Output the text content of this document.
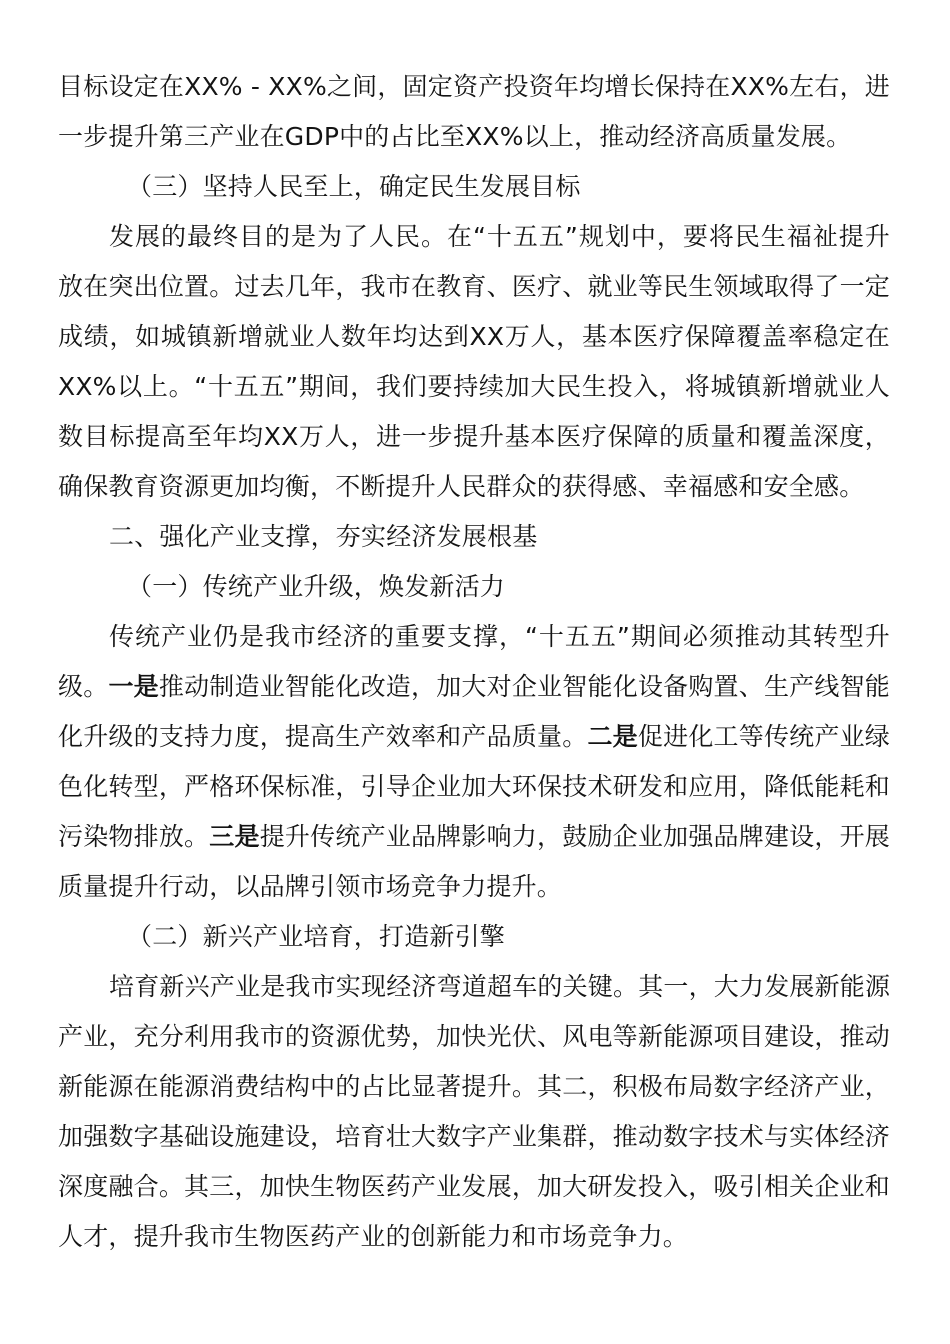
目标设定在XX% - XX%之间，固定资产投资年均增长保持在XX%左右，进
一步提升第三产业在GDP中的占比至XX%以上，推动经济高质量发展。
（三）坚持人民至上，确定民生发展目标
发展的最终目的是为了人民。在“十五五”规划中，要将民生福祉提升
放在突出位置。过去几年，我市在教育、医疗、就业等民生领域取得了一定
成绩，如城镇新增就业人数年均达到XX万人，基本医疗保障覆盖率稳定在
XX%以上。“十五五”期间，我们要持续加大民生投入，将城镇新增就业人
数目标提高至年均XX万人，进一步提升基本医疗保障的质量和覆盖深度，
确保教育资源更加均衡，不断提升人民群众的获得感、幸福感和安全感。
二、强化产业支撑，夯实经济发展根基
（一）传统产业升级，焕发新活力
传统产业仍是我市经济的重要支撑，“十五五”期间必须推动其转型升
级。一是推动制造业智能化改造，加大对企业智能化设备购置、生产线智能
化升级的支持力度，提高生产效率和产品质量。二是促进化工等传统产业绿
色化转型，严格环保标准，引导企业加大环保技术研发和应用，降低能耗和
污染物排放。三是提升传统产业品牌影响力，鼓励企业加强品牌建设，开展
质量提升行动，以品牌引领市场竞争力提升。
（二）新兴产业培育，打造新引擎
培育新兴产业是我市实现经济弯道超车的关键。其一，大力发展新能源
产业，充分利用我市的资源优势，加快光伏、风电等新能源项目建设，推动
新能源在能源消费结构中的占比显著提升。其二，积极布局数字经济产业，
加强数字基础设施建设，培育壮大数字产业集群，推动数字技术与实体经济
深度融合。其三，加快生物医药产业发展，加大研发投入，吸引相关企业和
人才，提升我市生物医药产业的创新能力和市场竞争力。
